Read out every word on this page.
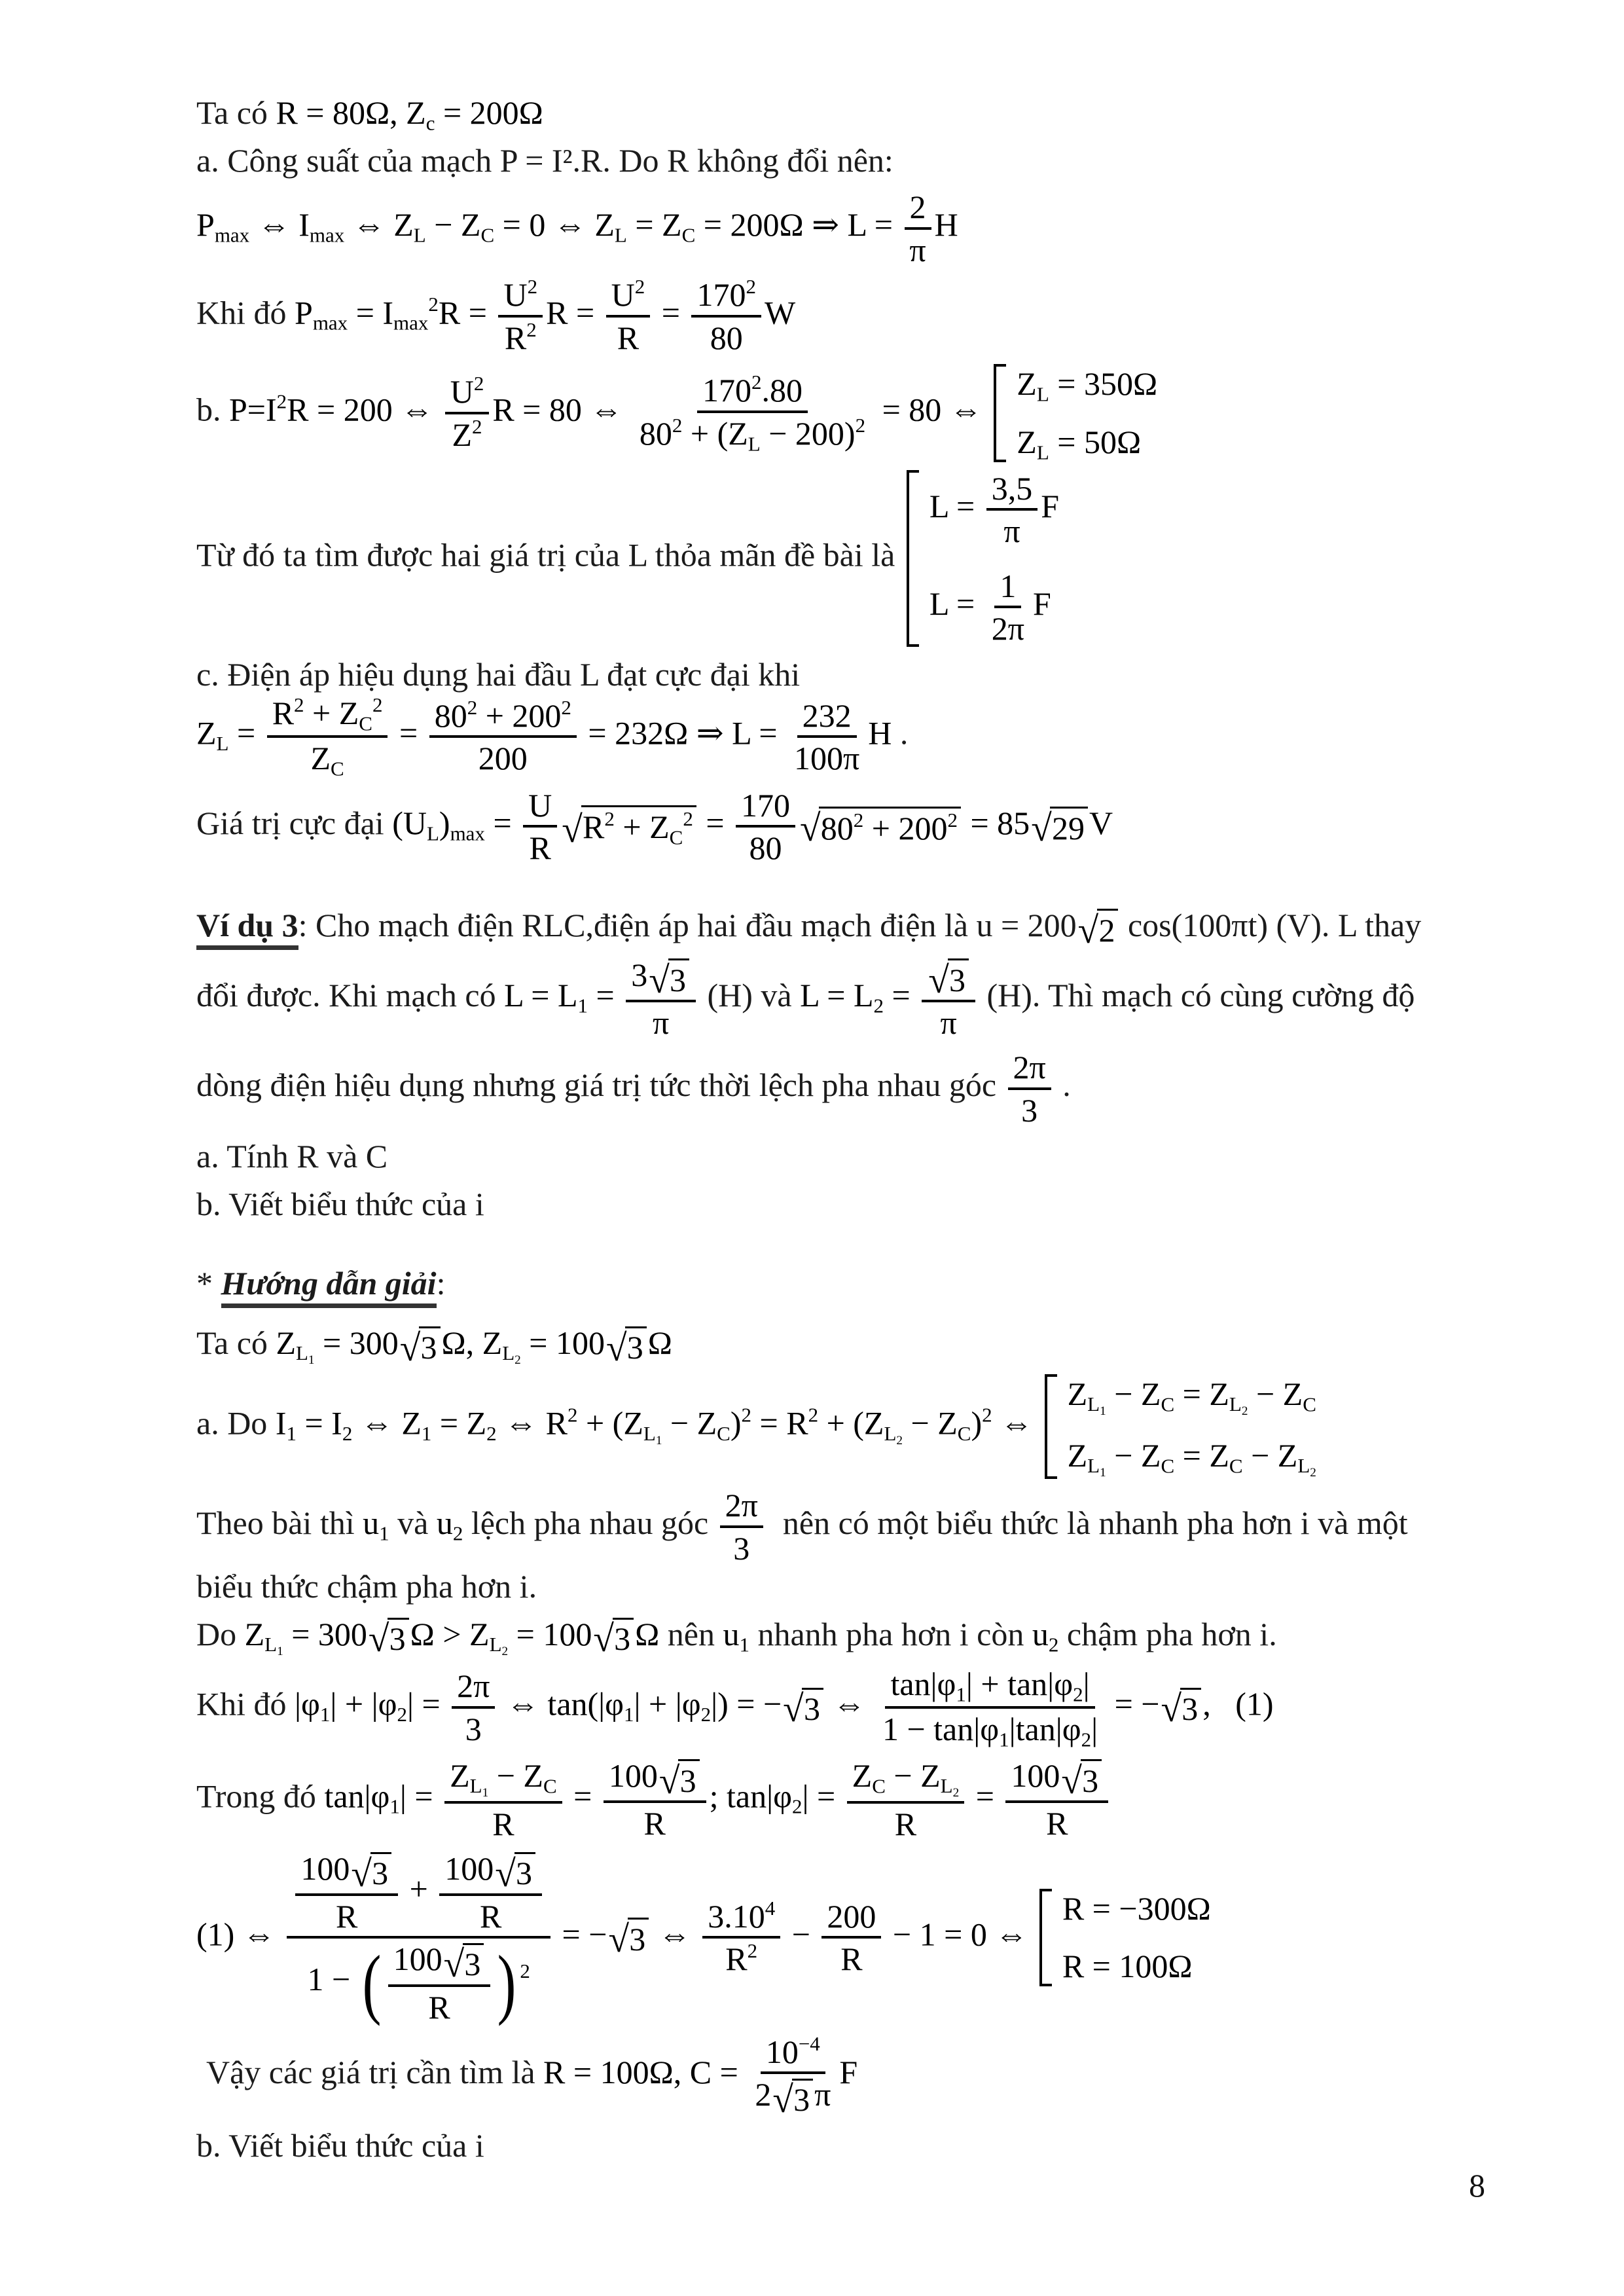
Ta có R = 80Ω, Zc = 200Ω
a. Công suất của mạch P = I².R. Do R không đổi nên:
Pmax ⇔ Imax ⇔ ZL − ZC = 0 ⇔ ZL = ZC = 200Ω ⇒ $L = \frac{2}{\pi}$ H
Khi đó $Pmax = Imax^2R = \frac{U^2}{R^2}$ $R = \frac{U^2}{R} = \frac{170^2}{80}$ W
b. $P=I^2R = 200$ ⇔ $\frac{U^2}{Z^2}$ R = 80 ⇔ $\frac{170^2.80}{80^2 + (ZL - 200)^2} = 80$ ⇔
ZL = 350Ω
ZL = 50Ω
Từ đó ta tìm được hai giá trị của L thỏa mãn đề bài là
$L = \frac{3,5}{\pi}$ F
$L = \frac{1}{2\pi}$ F
c. Điện áp hiệu dụng hai đầu L đạt cực đại khi ZL = $\frac{R^2 + ZC^2}{ZC} = \frac{80^2 + 200^2}{200} = 232\Omega$ ⇒ $L = \frac{232}{100\pi}$ H .
Giá trị cực đại $(UL)\max = \frac{U}{R}$ √ $R^2 + ZC^2 = \frac{170}{80}$ √ $80^2 + 200^2 = 85$ √ 29 V
Ví dụ 3: Cho mạch điện RLC,điện áp hai đầu mạch điện là u = 200 √ 2 cos(100πt) (V). L thay
đổi được. Khi mạch có $L = L1 = \frac{3 √ 3}{\pi} (H)$ và $L = L2 = \frac{√ 3}{\pi} (H)$. Thì mạch có cùng cường độ
dòng điện hiệu dụng nhưng giá trị tức thời lệch pha nhau góc $\frac{2\pi}{3}$ .
a. Tính R và C
b. Viết biểu thức của i
* Hướng dẫn giải:
Ta có ZL1 = 300 √ 3 Ω, ZL2 = 100 √ 3 Ω
a. Do I1 = I2 ⇔ Z1 = Z2 ⇔ $R^2 + (ZL1 - ZC)^2 = R^2 + (ZL2 - ZC)^2$ ⇔
ZL1 − ZC = ZL2 − ZC
ZL1 − ZC = ZC − ZL2
Theo bài thì u1 và u2 lệch pha nhau góc $\frac{2\pi}{3}$ nên có một biểu thức là nhanh pha hơn i và một biểu thức chậm pha hơn i.
Do ZL1 = 300 √ 3 Ω > ZL2 = 100 √ 3 Ω nên u1 nhanh pha hơn i còn u2 chậm pha hơn i.
Khi đó $|\varphi 1| + |\varphi 2| = \frac{2\pi}{3}$ ⇔ tan(|φ1| + |φ2|) = − √ 3 ⇔ $\frac{\tan|\varphi 1| + \tan|\varphi 2|}{1 - \tan|\varphi 1|\tan|\varphi 2|}$ = − √ 3 ,   (1)
Trong đó $\tan|\varphi 1| = \frac{ZL1 - ZC}{R} = \frac{100 √ 3}{R}$ ; $\tan|\varphi 2| = \frac{ZC - ZL2}{R} = \frac{100 √ 3}{R}$
(1) ⇔ $\frac{\frac{100 √ 3}{R} + \frac{100 √ 3}{R}}{1 - ( \frac{100 √ 3}{R} ) ^2}$ = − √ 3 ⇔ $\frac{3.10^4}{R^2} - \frac{200}{R} - 1 = 0$ ⇔
R = −300Ω
R = 100Ω
Vậy các giá trị cần tìm là R = 100Ω, $C = \frac{10^{-4}}{2 √ 3 \pi}$ F
b. Viết biểu thức của i
8
